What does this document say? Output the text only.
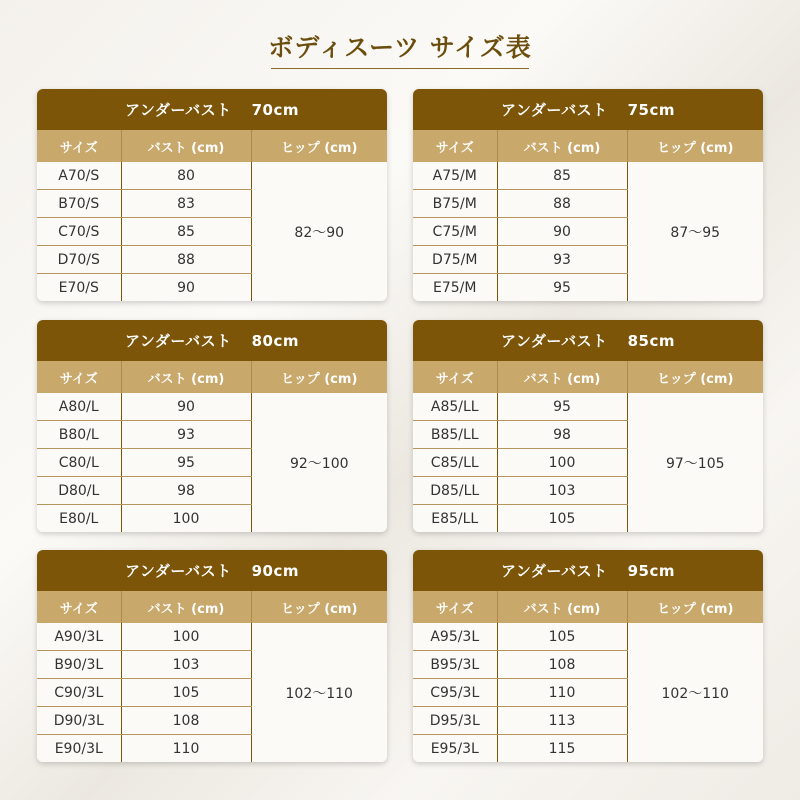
ボディスーツ サイズ表
アンダーバスト 70cm
サイズ	バスト (cm)	ヒップ (cm)
A70/S	80	82〜90
B70/S	83	
C70/S	85	
D70/S	88	
E70/S	90	
アンダーバスト 75cm
サイズ	バスト (cm)	ヒップ (cm)
A75/M	85	87〜95
B75/M	88	
C75/M	90	
D75/M	93	
E75/M	95	
アンダーバスト 80cm
サイズ	バスト (cm)	ヒップ (cm)
A80/L	90	92〜100
B80/L	93	
C80/L	95	
D80/L	98	
E80/L	100	
アンダーバスト 85cm
サイズ	バスト (cm)	ヒップ (cm)
A85/LL	95	97〜105
B85/LL	98	
C85/LL	100	
D85/LL	103	
E85/LL	105	
アンダーバスト 90cm
サイズ	バスト (cm)	ヒップ (cm)
A90/3L	100	102〜110
B90/3L	103	
C90/3L	105	
D90/3L	108	
E90/3L	110	
アンダーバスト 95cm
サイズ	バスト (cm)	ヒップ (cm)
A95/3L	105	102〜110
B95/3L	108	
C95/3L	110	
D95/3L	113	
E95/3L	115	
